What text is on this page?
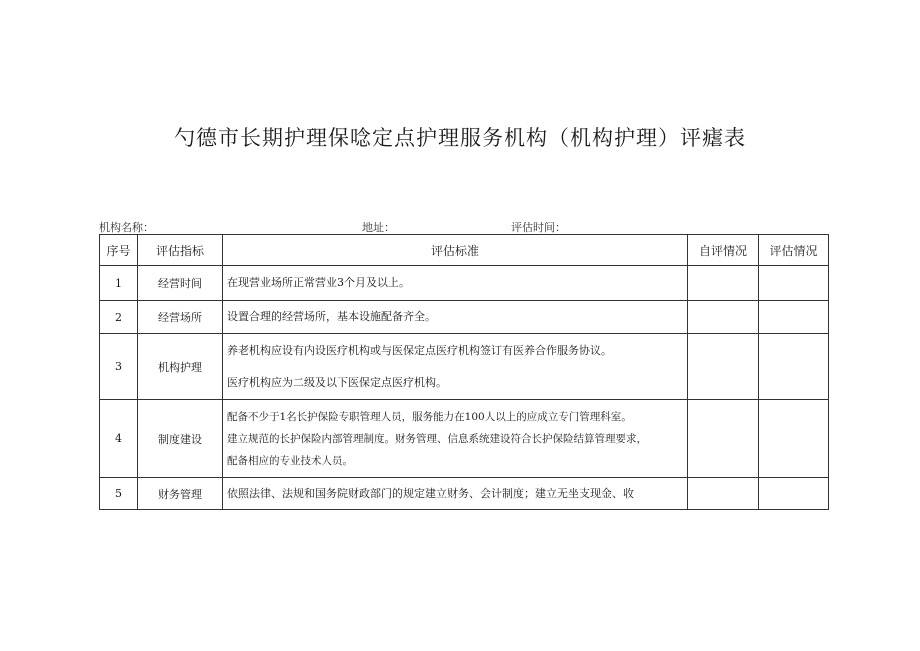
勺德市长期护理保唸定点护理服务机构（机构护理）评瘧表
机构名称：	地址：	评估时间：
序号	评估指标	评估标准	自评情况	评估情况
1	经营时间	在现营业场所正常营业3个月及以上。		

2	经营场所	设置合理的经营场所，基本设施配备齐全。		

3	机构护理	养老机构应设有内设医疗机构或与医保定点医疗机构签订有医养合作服务协议。
医疗机构应为二级及以下医保定点医疗机构。		

4	制度建设	配备不少于1名长护保险专职管理人员，服务能力在100人以上的应成立专门管理科室。
建立规范的长护保险内部管理制度。财务管理、信息系统建设符合长护保险结算管理要求，
配备相应的专业技术人员。		

5	财务管理	依照法律、法规和国务院财政部门的规定建立财务、会计制度；建立无坐支现金、收		
